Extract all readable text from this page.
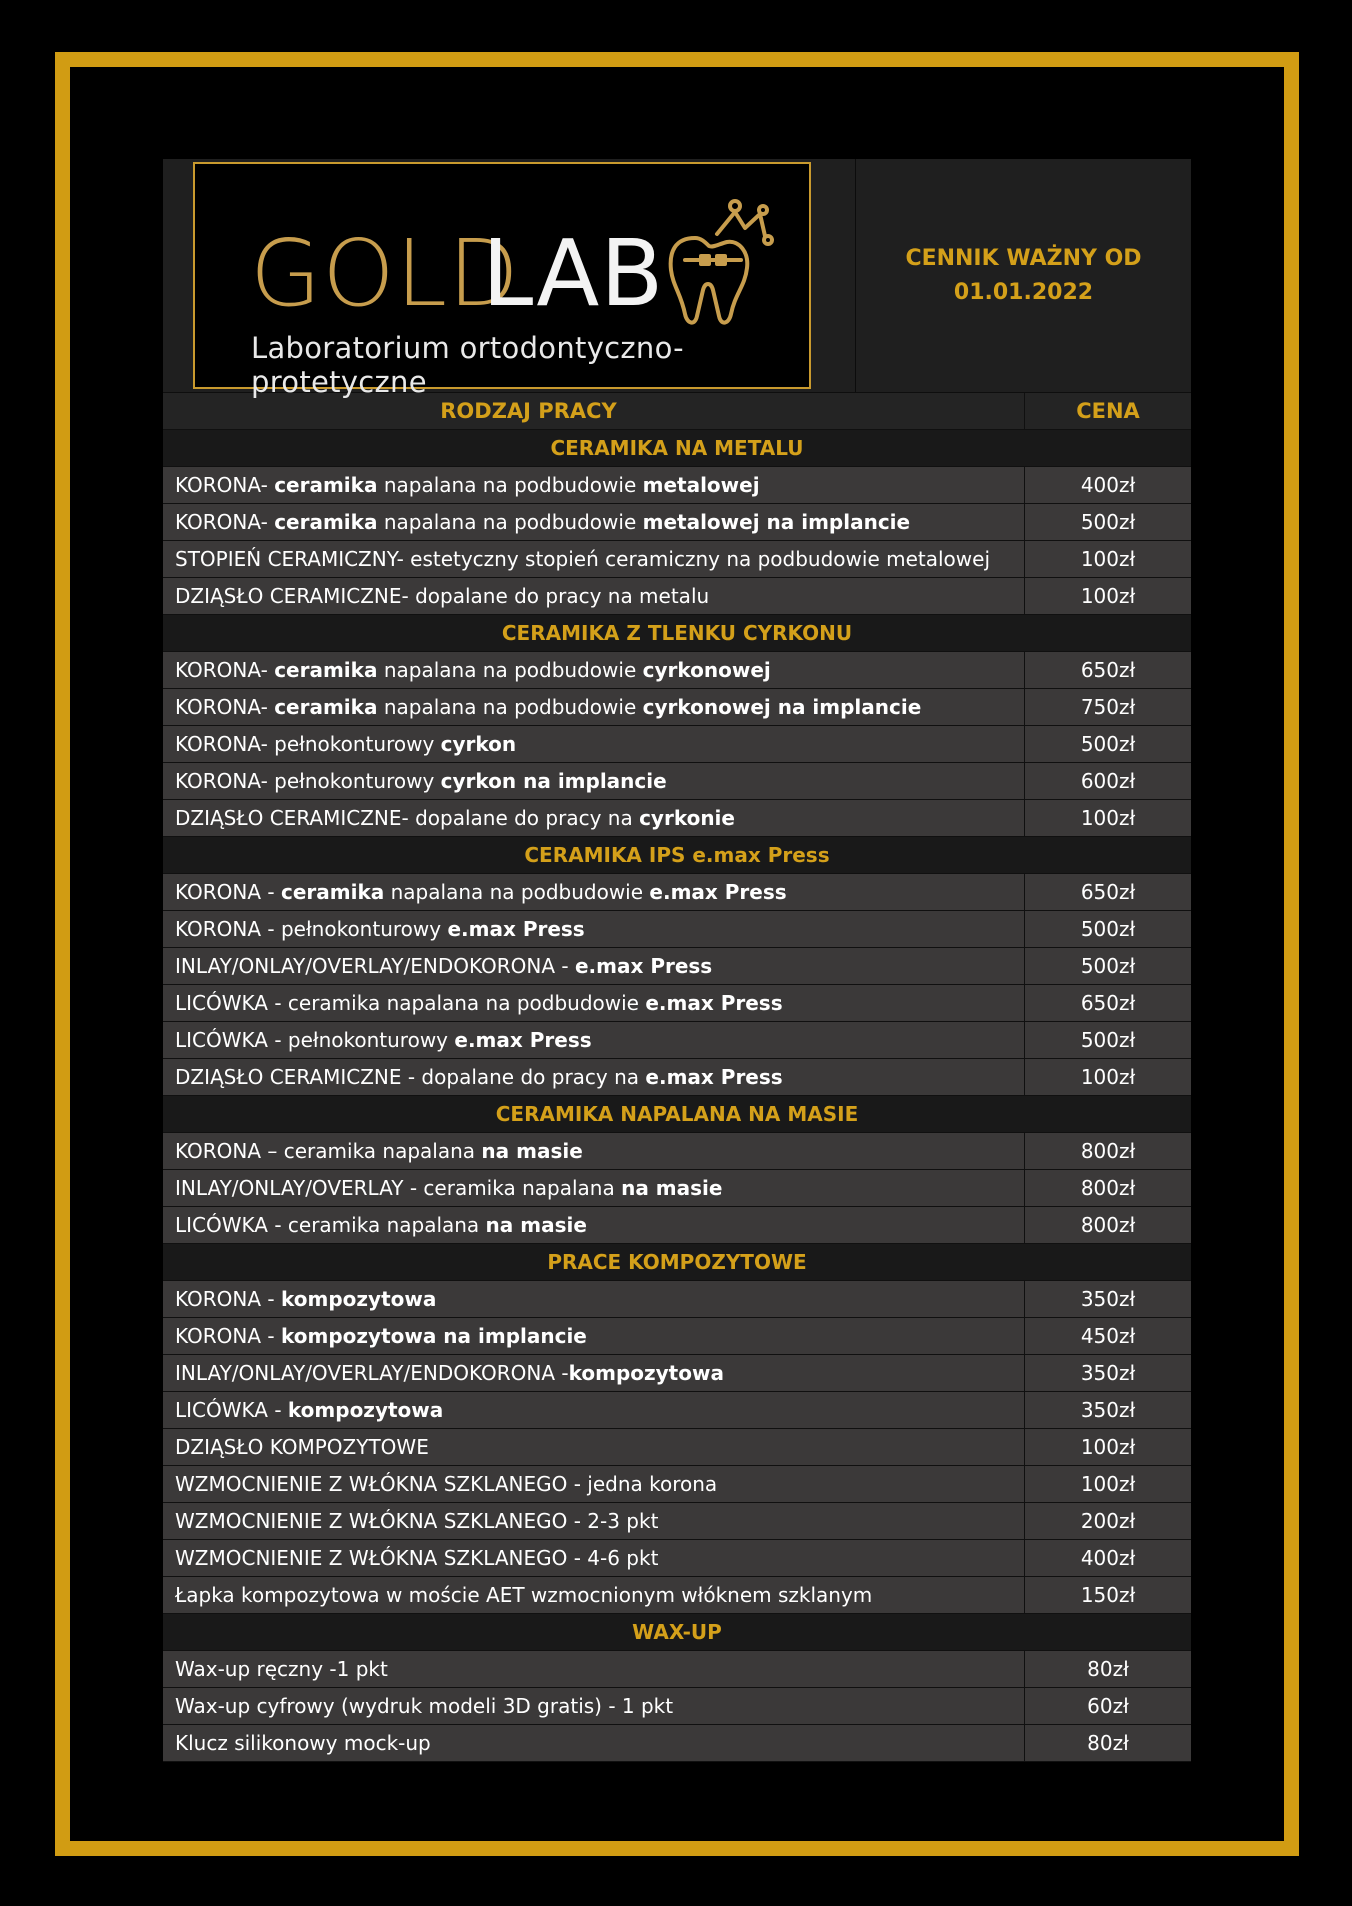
GOLD
LAB
Laboratorium ortodontyczno-protetyczne
CENNIK WAŻNY OD
01.01.2022
RODZAJ PRACY	CENA
CERAMIKA NA METALU
KORONA- ceramika napalana na podbudowie metalowej	400zł
KORONA- ceramika napalana na podbudowie metalowej na implancie	500zł
STOPIEŃ CERAMICZNY- estetyczny stopień ceramiczny na podbudowie metalowej	100zł
DZIĄSŁO CERAMICZNE- dopalane do pracy na metalu	100zł
CERAMIKA Z TLENKU CYRKONU
KORONA- ceramika napalana na podbudowie cyrkonowej	650zł
KORONA- ceramika napalana na podbudowie cyrkonowej na implancie	750zł
KORONA- pełnokonturowy cyrkon	500zł
KORONA- pełnokonturowy cyrkon na implancie	600zł
DZIĄSŁO CERAMICZNE- dopalane do pracy na cyrkonie	100zł
CERAMIKA IPS e.max Press
KORONA - ceramika napalana na podbudowie e.max Press	650zł
KORONA - pełnokonturowy e.max Press	500zł
INLAY/ONLAY/OVERLAY/ENDOKORONA - e.max Press	500zł
LICÓWKA - ceramika napalana na podbudowie e.max Press	650zł
LICÓWKA - pełnokonturowy e.max Press	500zł
DZIĄSŁO CERAMICZNE - dopalane do pracy na e.max Press	100zł
CERAMIKA NAPALANA NA MASIE
KORONA – ceramika napalana na masie	800zł
INLAY/ONLAY/OVERLAY - ceramika napalana na masie	800zł
LICÓWKA - ceramika napalana na masie	800zł
PRACE KOMPOZYTOWE
KORONA - kompozytowa	350zł
KORONA - kompozytowa na implancie	450zł
INLAY/ONLAY/OVERLAY/ENDOKORONA -kompozytowa	350zł
LICÓWKA - kompozytowa	350zł
DZIĄSŁO KOMPOZYTOWE	100zł
WZMOCNIENIE Z WŁÓKNA SZKLANEGO - jedna korona	100zł
WZMOCNIENIE Z WŁÓKNA SZKLANEGO - 2-3 pkt	200zł
WZMOCNIENIE Z WŁÓKNA SZKLANEGO - 4-6 pkt	400zł
Łapka kompozytowa w moście AET wzmocnionym włóknem szklanym	150zł
WAX-UP
Wax-up ręczny -1 pkt	80zł
Wax-up cyfrowy (wydruk modeli 3D gratis) - 1 pkt	60zł
Klucz silikonowy mock-up	80zł
